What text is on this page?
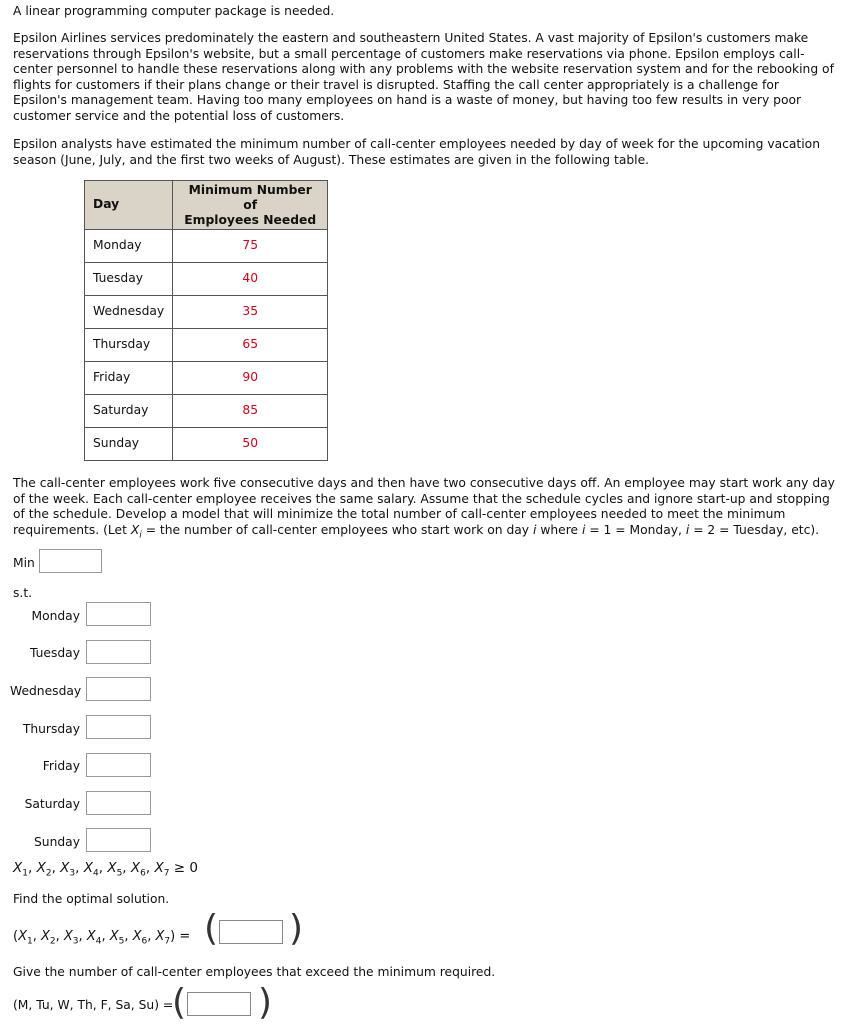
A linear programming computer package is needed.

Epsilon Airlines services predominately the eastern and southeastern United States. A vast majority of Epsilon's customers make reservations through Epsilon's website, but a small percentage of customers make reservations via phone. Epsilon employs call-center personnel to handle these reservations along with any problems with the website reservation system and for the rebooking of flights for customers if their plans change or their travel is disrupted. Staffing the call center appropriately is a challenge for Epsilon's management team. Having too many employees on hand is a waste of money, but having too few results in very poor customer service and the potential loss of customers.

Epsilon analysts have estimated the minimum number of call-center employees needed by day of week for the upcoming vacation season (June, July, and the first two weeks of August). These estimates are given in the following table.

Day	Minimum Number of
Employees Needed
Monday	75
Tuesday	40
Wednesday	35
Thursday	65
Friday	90
Saturday	85
Sunday	50

The call-center employees work five consecutive days and then have two consecutive days off. An employee may start work any day of the week. Each call-center employee receives the same salary. Assume that the schedule cycles and ignore start-up and stopping of the schedule. Develop a model that will minimize the total number of call-center employees needed to meet the minimum requirements. (Let $X_i$ = the number of call-center employees who start work on day i where i = 1 = Monday, i = 2 = Tuesday, etc).

Min
s.t.
Monday
Tuesday
Wednesday
Thursday
Friday
Saturday
Sunday
$X_1$, $X_2$, $X_3$, $X_4$, $X_5$, $X_6$, $X_7 \ge 0$

Find the optimal solution.

($X_1$, $X_2$, $X_3$, $X_4$, $X_5$, $X_6$, $X_7$) = ( )

Give the number of call-center employees that exceed the minimum required.

(M, Tu, W, Th, F, Sa, Su) =
( )
